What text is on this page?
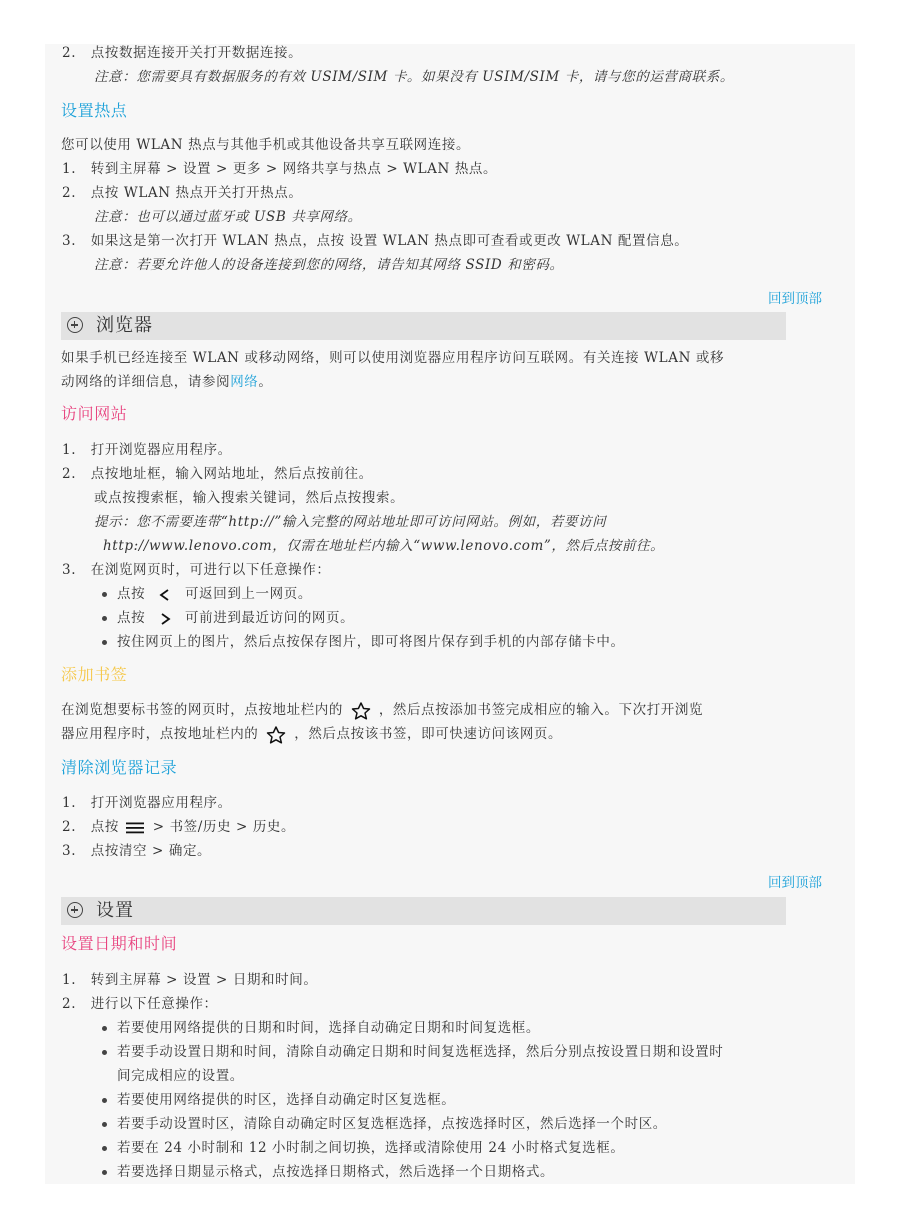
2.   点按数据连接开关打开数据连接。
注意：您需要具有数据服务的有效 USIM/SIM 卡。如果没有 USIM/SIM 卡，请与您的运营商联系。
设置热点
您可以使用 WLAN 热点与其他手机或其他设备共享互联网连接。
1.   转到主屏幕 > 设置 > 更多 > 网络共享与热点 > WLAN 热点。
2.   点按 WLAN 热点开关打开热点。
注意：也可以通过蓝牙或 USB 共享网络。
3.   如果这是第一次打开 WLAN 热点，点按 设置 WLAN 热点即可查看或更改 WLAN 配置信息。
注意：若要允许他人的设备连接到您的网络，请告知其网络 SSID 和密码。
回到顶部
浏览器
如果手机已经连接至 WLAN 或移动网络，则可以使用浏览器应用程序访问互联网。有关连接 WLAN 或移
动网络的详细信息，请参阅网络。
访问网站
1.   打开浏览器应用程序。
2.   点按地址框，输入网站地址，然后点按前往。
或点按搜索框，输入搜索关键词，然后点按搜索。
提示：您不需要连带“http://”输入完整的网站地址即可访问网站。例如，若要访问
http://www.lenovo.com，仅需在地址栏内输入“www.lenovo.com”，然后点按前往。
3.   在浏览网页时，可进行以下任意操作：
点按	可返回到上一网页。
点按	可前进到最近访问的网页。
按住网页上的图片，然后点按保存图片，即可将图片保存到手机的内部存储卡中。
添加书签
在浏览想要标书签的网页时，点按地址栏内的	，然后点按添加书签完成相应的输入。下次打开浏览
器应用程序时，点按地址栏内的	，然后点按该书签，即可快速访问该网页。
清除浏览器记录
1.   打开浏览器应用程序。
2.   点按	> 书签/历史 > 历史。
3.   点按清空 > 确定。
回到顶部
设置
设置日期和时间
1.   转到主屏幕 > 设置 > 日期和时间。
2.   进行以下任意操作：
若要使用网络提供的日期和时间，选择自动确定日期和时间复选框。
若要手动设置日期和时间，清除自动确定日期和时间复选框选择，然后分别点按设置日期和设置时
间完成相应的设置。
若要使用网络提供的时区，选择自动确定时区复选框。
若要手动设置时区，清除自动确定时区复选框选择，点按选择时区，然后选择一个时区。
若要在 24 小时制和 12 小时制之间切换，选择或清除使用 24 小时格式复选框。
若要选择日期显示格式，点按选择日期格式，然后选择一个日期格式。
